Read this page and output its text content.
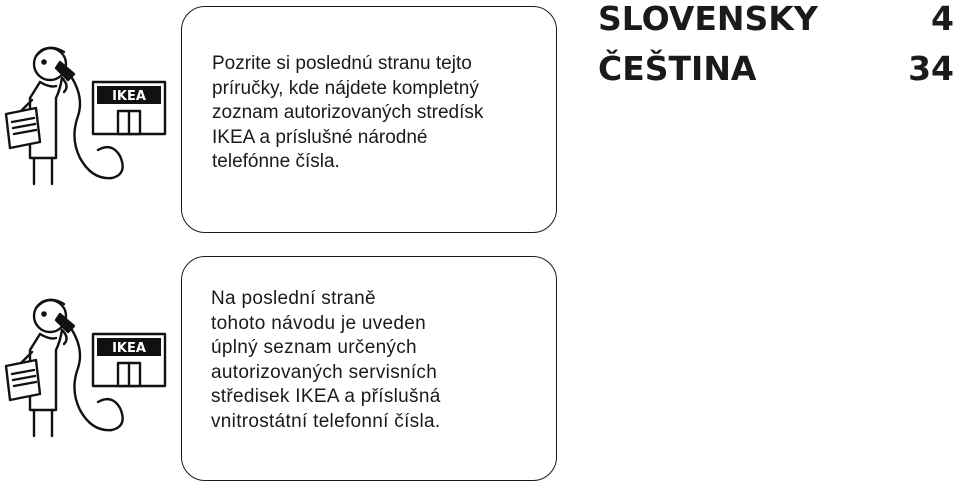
IKEA

Pozrite si poslednú stranu tejto
príručky, kde nájdete kompletný
zoznam autorizovaných stredísk
IKEA a príslušné národné
telefónne čísla.

SLOVENSKY	4
ČEŠTINA	34
IKEA

Na poslední straně
tohoto návodu je uveden
úplný seznam určených
autorizovaných servisních
středisek IKEA a příslušná
vnitrostátní telefonní čísla.
